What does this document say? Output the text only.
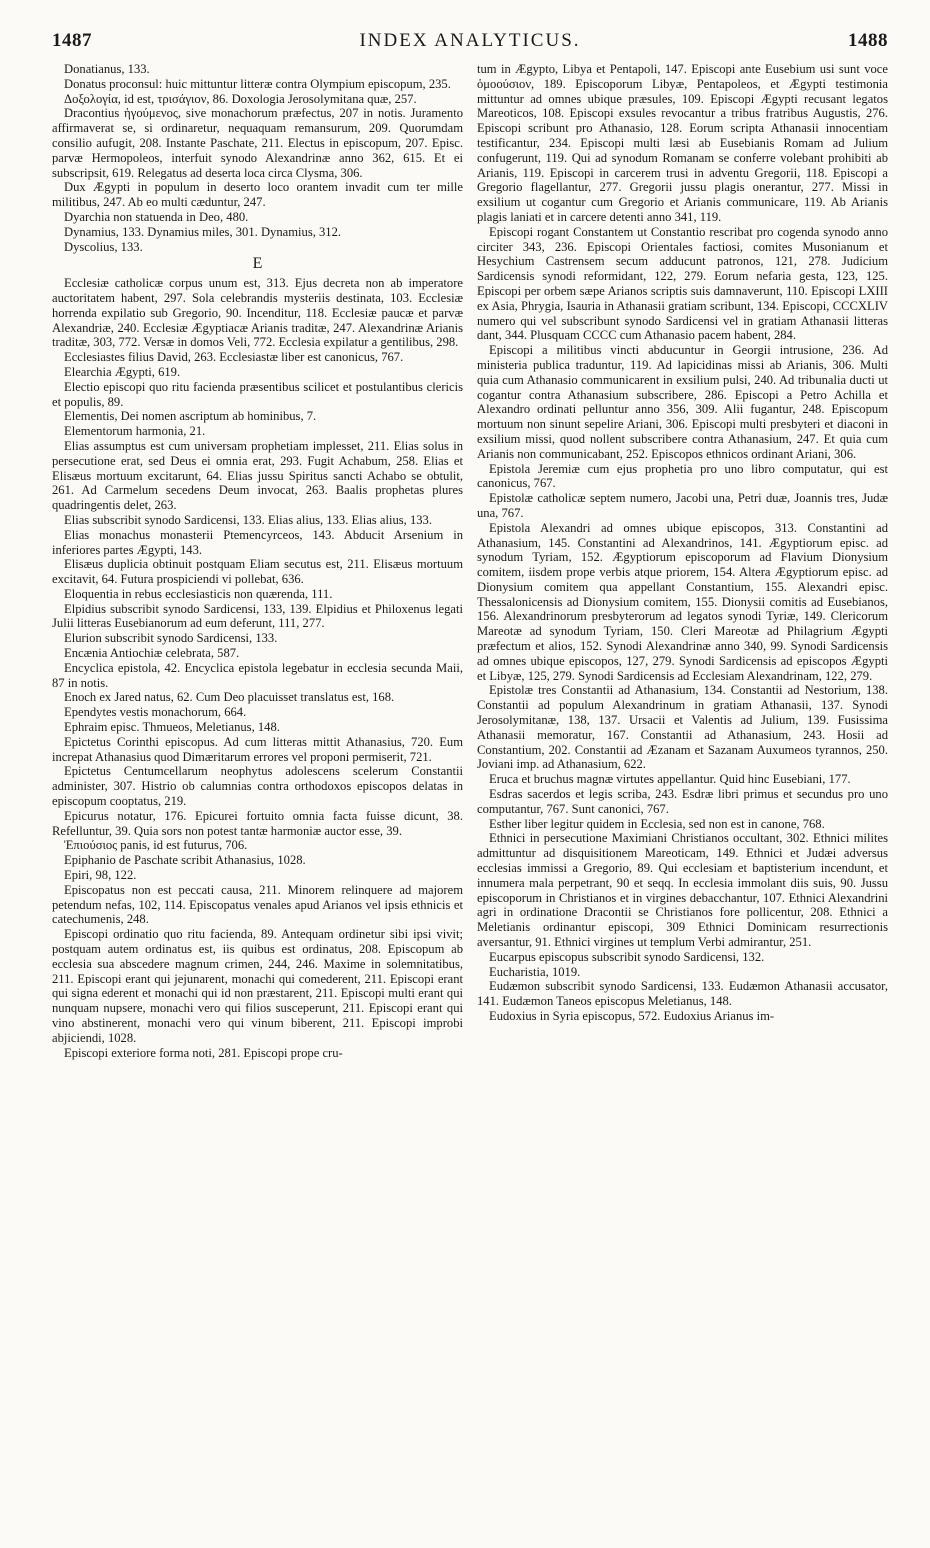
1487	INDEX ANALYTICUS.	1488

Donatianus, 133.

Donatus proconsul: huic mittuntur litteræ contra Olympium episcopum, 235.

Δοξολογία, id est, τρισάγιον, 86. Doxologia Jerosolymitana quæ, 257.

Dracontius ἡγούμενος, sive monachorum præfectus, 207 in notis. Juramento affirmaverat se, si ordinaretur, nequaquam remansurum, 209. Quorumdam consilio aufugit, 208. Instante Paschate, 211. Electus in episcopum, 207. Episc. parvæ Hermopoleos, interfuit synodo Alexandrinæ anno 362, 615. Et ei subscripsit, 619. Relegatus ad deserta loca circa Clysma, 306.

Dux Ægypti in populum in deserto loco orantem invadit cum ter mille militibus, 247. Ab eo multi cæduntur, 247.

Dyarchia non statuenda in Deo, 480.

Dynamius, 133. Dynamius miles, 301. Dynamius, 312.

Dyscolius, 133.

E

Ecclesiæ catholicæ corpus unum est, 313. Ejus decreta non ab imperatore auctoritatem habent, 297. Sola celebrandis mysteriis destinata, 103. Ecclesiæ horrenda expilatio sub Gregorio, 90. Incenditur, 118. Ecclesiæ paucæ et parvæ Alexandriæ, 240. Ecclesiæ Ægyptiacæ Arianis traditæ, 247. Alexandrinæ Arianis traditæ, 303, 772. Versæ in domos Veli, 772. Ecclesia expilatur a gentilibus, 298.

Ecclesiastes filius David, 263. Ecclesiastæ liber est canonicus, 767.

Elearchia Ægypti, 619.

Electio episcopi quo ritu facienda præsentibus scilicet et postulantibus clericis et populis, 89.

Elementis, Dei nomen ascriptum ab hominibus, 7.

Elementorum harmonia, 21.

Elias assumptus est cum universam prophetiam implesset, 211. Elias solus in persecutione erat, sed Deus ei omnia erat, 293. Fugit Achabum, 258. Elias et Elisæus mortuum excitarunt, 64. Elias jussu Spiritus sancti Achabo se obtulit, 261. Ad Carmelum secedens Deum invocat, 263. Baalis prophetas plures quadringentis delet, 263.

Elias subscribit synodo Sardicensi, 133. Elias alius, 133. Elias alius, 133.

Elias monachus monasterii Ptemencyrceos, 143. Abducit Arsenium in inferiores partes Ægypti, 143.

Elisæus duplicia obtinuit postquam Eliam secutus est, 211. Elisæus mortuum excitavit, 64. Futura prospiciendi vi pollebat, 636.

Eloquentia in rebus ecclesiasticis non quærenda, 111.

Elpidius subscribit synodo Sardicensi, 133, 139. Elpidius et Philoxenus legati Julii litteras Eusebianorum ad eum deferunt, 111, 277.

Elurion subscribit synodo Sardicensi, 133.

Encænia Antiochiæ celebrata, 587.

Encyclica epistola, 42. Encyclica epistola legebatur in ecclesia secunda Maii, 87 in notis.

Enoch ex Jared natus, 62. Cum Deo placuisset translatus est, 168.

Ependytes vestis monachorum, 664.

Ephraim episc. Thmueos, Meletianus, 148.

Epictetus Corinthi episcopus. Ad cum litteras mittit Athanasius, 720. Eum increpat Athanasius quod Dimæritarum errores vel proponi permiserit, 721.

Epictetus Centumcellarum neophytus adolescens scelerum Constantii administer, 307. Histrio ob calumnias contra orthodoxos episcopos delatas in episcopum cooptatus, 219.

Epicurus notatur, 176. Epicurei fortuito omnia facta fuisse dicunt, 38. Refelluntur, 39. Quia sors non potest tantæ harmoniæ auctor esse, 39.

Ἐπιούσιος panis, id est futurus, 706.

Epiphanio de Paschate scribit Athanasius, 1028.

Epiri, 98, 122.

Episcopatus non est peccati causa, 211. Minorem relinquere ad majorem petendum nefas, 102, 114. Episcopatus venales apud Arianos vel ipsis ethnicis et catechumenis, 248.

Episcopi ordinatio quo ritu facienda, 89. Antequam ordinetur sibi ipsi vivit; postquam autem ordinatus est, iis quibus est ordinatus, 208. Episcopum ab ecclesia sua abscedere magnum crimen, 244, 246. Maxime in solemnitatibus, 211. Episcopi erant qui jejunarent, monachi qui comederent, 211. Episcopi erant qui signa ederent et monachi qui id non præstarent, 211. Episcopi multi erant qui nunquam nupsere, monachi vero qui filios susceperunt, 211. Episcopi erant qui vino abstinerent, monachi vero qui vinum biberent, 211. Episcopi improbi abjiciendi, 1028.

Episcopi exteriore forma noti, 281. Episcopi prope cru-

tum in Ægypto, Libya et Pentapoli, 147. Episcopi ante Eusebium usi sunt voce ὁμοούσιον, 189. Episcoporum Libyæ, Pentapoleos, et Ægypti testimonia mittuntur ad omnes ubique præsules, 109. Episcopi Ægypti recusant legatos Mareoticos, 108. Episcopi exsules revocantur a tribus fratribus Augustis, 276. Episcopi scribunt pro Athanasio, 128. Eorum scripta Athanasii innocentiam testificantur, 234. Episcopi multi læsi ab Eusebianis Romam ad Julium confugerunt, 119. Qui ad synodum Romanam se conferre volebant prohibiti ab Arianis, 119. Episcopi in carcerem trusi in adventu Gregorii, 118. Episcopi a Gregorio flagellantur, 277. Gregorii jussu plagis onerantur, 277. Missi in exsilium ut cogantur cum Gregorio et Arianis communicare, 119. Ab Arianis plagis laniati et in carcere detenti anno 341, 119.

Episcopi rogant Constantem ut Constantio rescribat pro cogenda synodo anno circiter 343, 236. Episcopi Orientales factiosi, comites Musonianum et Hesychium Castrensem secum adducunt patronos, 121, 278. Judicium Sardicensis synodi reformidant, 122, 279. Eorum nefaria gesta, 123, 125. Episcopi per orbem sæpe Arianos scriptis suis damnaverunt, 110. Episcopi LXIII ex Asia, Phrygia, Isauria in Athanasii gratiam scribunt, 134. Episcopi, CCCXLIV numero qui vel subscribunt synodo Sardicensi vel in gratiam Athanasii litteras dant, 344. Plusquam CCCC cum Athanasio pacem habent, 284.

Episcopi a militibus vincti abducuntur in Georgii intrusione, 236. Ad ministeria publica traduntur, 119. Ad lapicidinas missi ab Arianis, 306. Multi quia cum Athanasio communicarent in exsilium pulsi, 240. Ad tribunalia ducti ut cogantur contra Athanasium subscribere, 286. Episcopi a Petro Achilla et Alexandro ordinati pelluntur anno 356, 309. Alii fugantur, 248. Episcopum mortuum non sinunt sepelire Ariani, 306. Episcopi multi presbyteri et diaconi in exsilium missi, quod nollent subscribere contra Athanasium, 247. Et quia cum Arianis non communicabant, 252. Episcopos ethnicos ordinant Ariani, 306.

Epistola Jeremiæ cum ejus prophetia pro uno libro computatur, qui est canonicus, 767.

Epistolæ catholicæ septem numero, Jacobi una, Petri duæ, Joannis tres, Judæ una, 767.

Epistola Alexandri ad omnes ubique episcopos, 313. Constantini ad Athanasium, 145. Constantini ad Alexandrinos, 141. Ægyptiorum episc. ad synodum Tyriam, 152. Ægyptiorum episcoporum ad Flavium Dionysium comitem, iisdem prope verbis atque priorem, 154. Altera Ægyptiorum episc. ad Dionysium comitem qua appellant Constantium, 155. Alexandri episc. Thessalonicensis ad Dionysium comitem, 155. Dionysii comitis ad Eusebianos, 156. Alexandrinorum presbyterorum ad legatos synodi Tyriæ, 149. Clericorum Mareotæ ad synodum Tyriam, 150. Cleri Mareotæ ad Philagrium Ægypti præfectum et alios, 152. Synodi Alexandrinæ anno 340, 99. Synodi Sardicensis ad omnes ubique episcopos, 127, 279. Synodi Sardicensis ad episcopos Ægypti et Libyæ, 125, 279. Synodi Sardicensis ad Ecclesiam Alexandrinam, 122, 279.

Epistolæ tres Constantii ad Athanasium, 134. Constantii ad Nestorium, 138. Constantii ad populum Alexandrinum in gratiam Athanasii, 137. Synodi Jerosolymitanæ, 138, 137. Ursacii et Valentis ad Julium, 139. Fusissima Athanasii memoratur, 167. Constantii ad Athanasium, 243. Hosii ad Constantium, 202. Constantii ad Æzanam et Sazanam Auxumeos tyrannos, 250. Joviani imp. ad Athanasium, 622.

Eruca et bruchus magnæ virtutes appellantur. Quid hinc Eusebiani, 177.

Esdras sacerdos et legis scriba, 243. Esdræ libri primus et secundus pro uno computantur, 767. Sunt canonici, 767.

Esther liber legitur quidem in Ecclesia, sed non est in canone, 768.

Ethnici in persecutione Maximiani Christianos occultant, 302. Ethnici milites admittuntur ad disquisitionem Mareoticam, 149. Ethnici et Judæi adversus ecclesias immissi a Gregorio, 89. Qui ecclesiam et baptisterium incendunt, et innumera mala perpetrant, 90 et seqq. In ecclesia immolant diis suis, 90. Jussu episcoporum in Christianos et in virgines debacchantur, 107. Ethnici Alexandrini agri in ordinatione Dracontii se Christianos fore pollicentur, 208. Ethnici a Meletianis ordinantur episcopi, 309 Ethnici Dominicam resurrectionis aversantur, 91. Ethnici virgines ut templum Verbi admirantur, 251.

Eucarpus episcopus subscribit synodo Sardicensi, 132.

Eucharistia, 1019.

Eudæmon subscribit synodo Sardicensi, 133. Eudæmon Athanasii accusator, 141. Eudæmon Taneos episcopus Meletianus, 148.

Eudoxius in Syria episcopus, 572. Eudoxius Arianus im-
